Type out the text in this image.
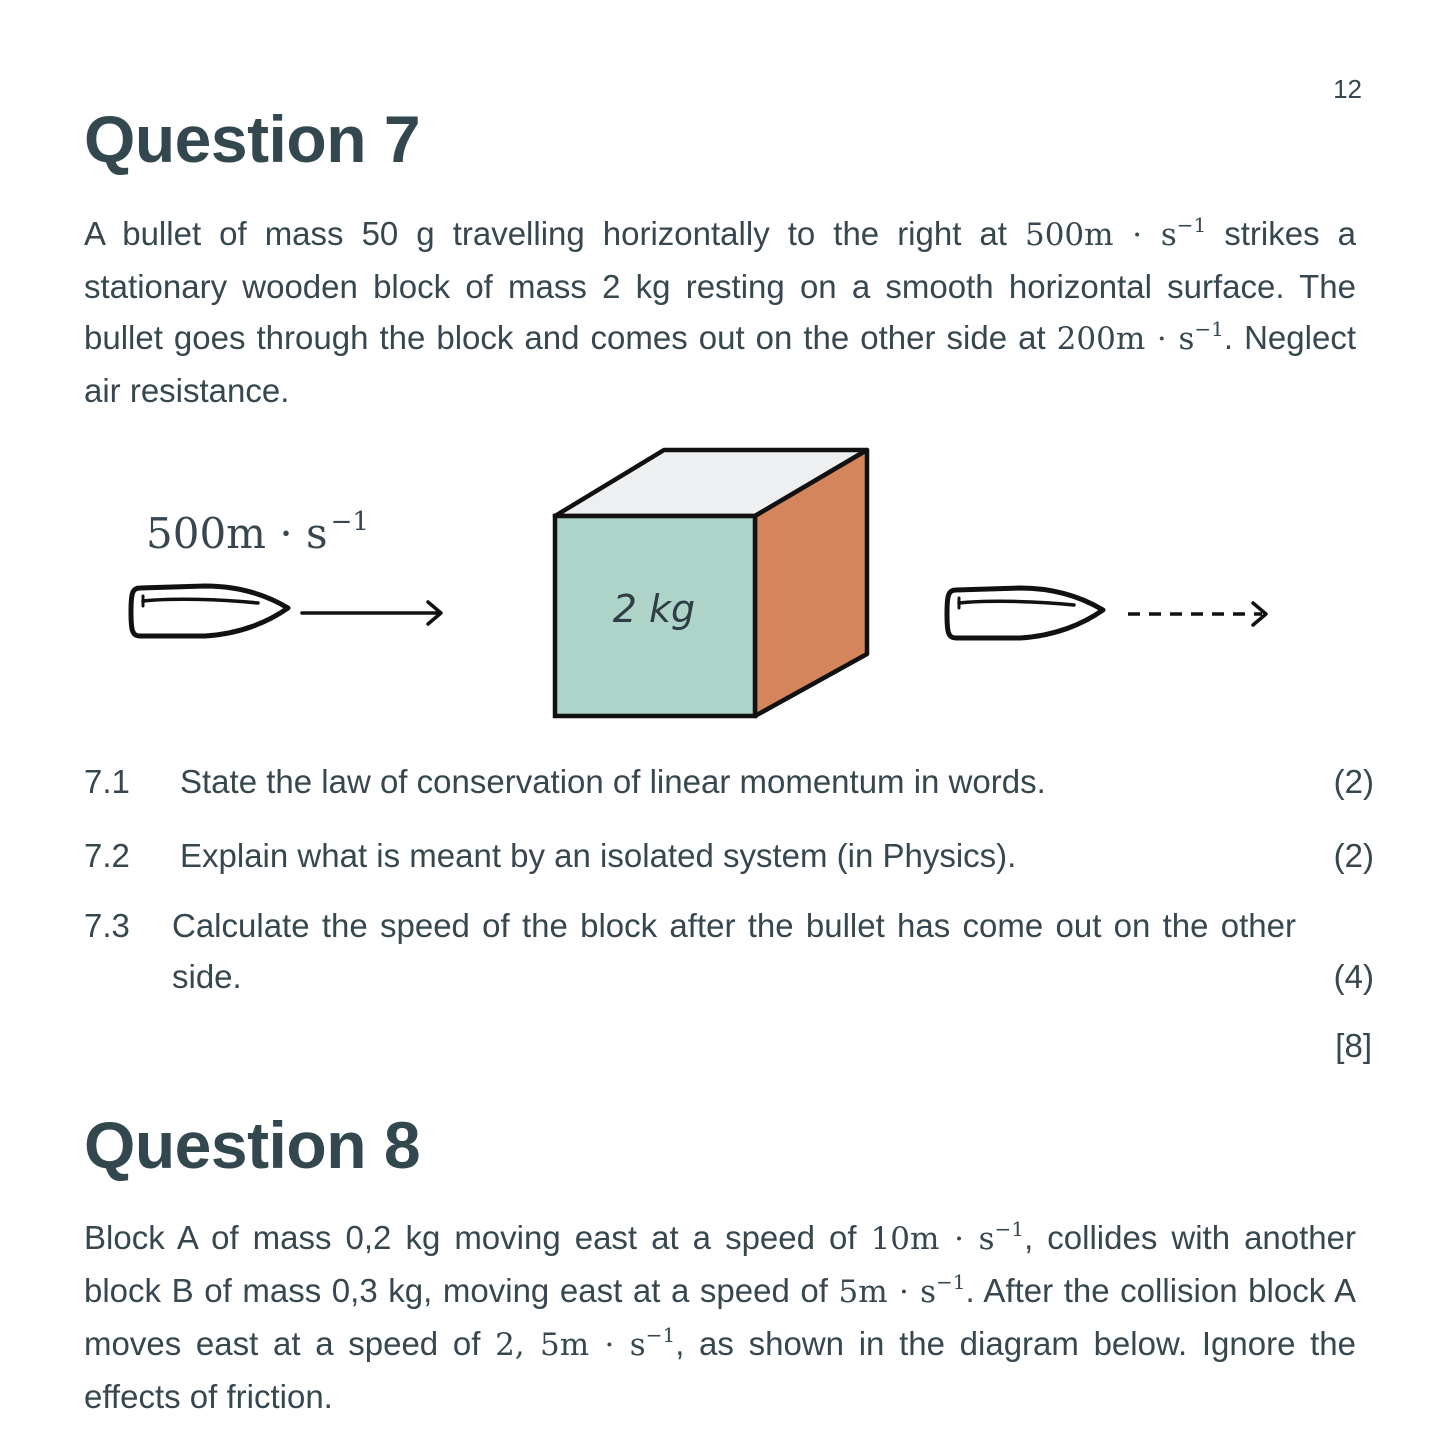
12
Question 7

A bullet of mass 50 g travelling horizontally to the right at $500m \cdot s^{-1}$ strikes a stationary wooden block of mass 2 kg resting on a smooth horizontal surface. The bullet goes through the block and comes out on the other side at $200m \cdot s^{-1}$. Neglect air resistance.

500m · s $^{-1}$
2 kg
7.1 State the law of conservation of linear momentum in words.	(2)
7.2 Explain what is meant by an isolated system (in Physics).	(2)
7.3 Calculate the speed of the block after the bullet has come out on the other side.	(4)
[8]
Question 8

Block A of mass 0,2 kg moving east at a speed of $10m \cdot s^{-1}$, collides with another block B of mass 0,3 kg, moving east at a speed of $5m \cdot s^{-1}$. After the collision block A moves east at a speed of 2, $5m \cdot s^{-1}$, as shown in the diagram below. Ignore the effects of friction.
